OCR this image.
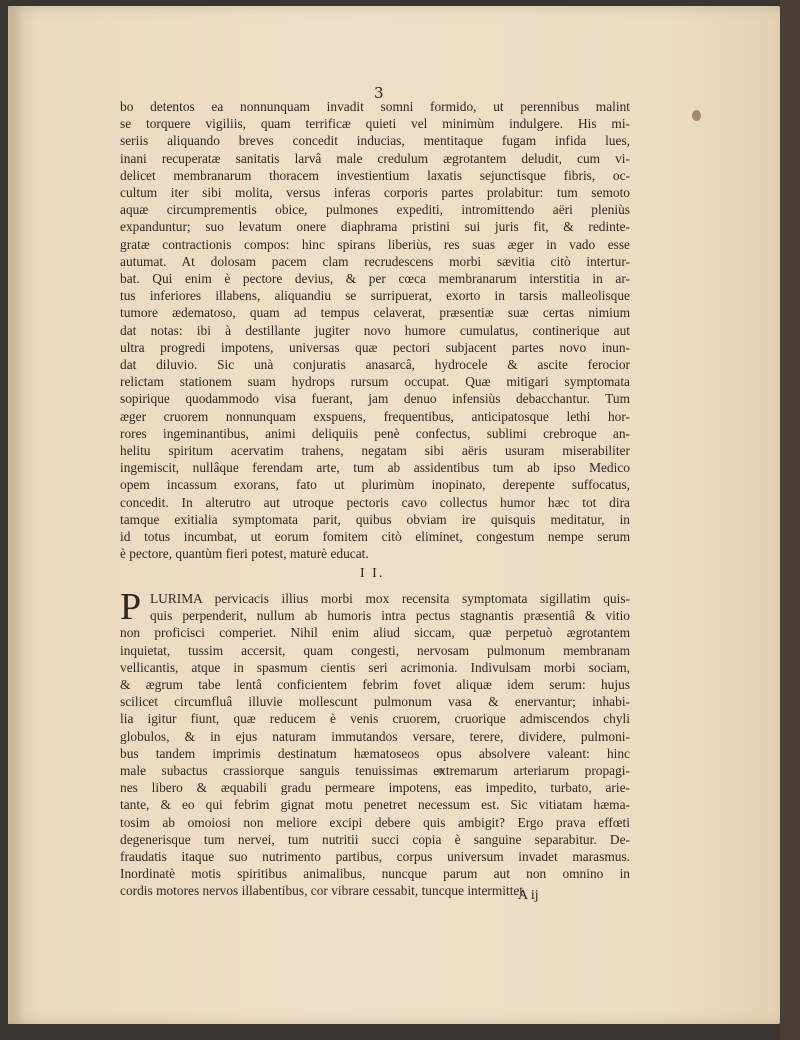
3
bo detentos ea nonnunquam invadit somni formido, ut perennibus malint
se torquere vigiliis, quam terrificæ quieti vel minimùm indulgere. His mi-
seriis aliquando breves concedit inducias, mentitaque fugam infida lues,
inani recuperatæ sanitatis larvâ male credulum ægrotantem deludit, cum vi-
delicet membranarum thoracem investientium laxatis sejunctisque fibris, oc-
cultum iter sibi molita, versus inferas corporis partes prolabitur: tum semoto
aquæ circumprementis obice, pulmones expediti, intromittendo aëri pleniùs
expanduntur; suo levatum onere diaphrama pristini sui juris fit, & redinte-
gratæ contractionis compos: hinc spirans liberiùs, res suas æger in vado esse
autumat. At dolosam pacem clam recrudescens morbi sævitia citò intertur-
bat. Qui enim è pectore devius, & per cœca membranarum interstitia in ar-
tus inferiores illabens, aliquandiu se surripuerat, exorto in tarsis malleolisque
tumore ædematoso, quam ad tempus celaverat, præsentiæ suæ certas nimium
dat notas: ibi à destillante jugiter novo humore cumulatus, continerique aut
ultra progredi impotens, universas quæ pectori subjacent partes novo inun-
dat diluvio. Sic unà conjuratis anasarcâ, hydrocele & ascite ferocior
relictam stationem suam hydrops rursum occupat. Quæ mitigari symptomata
sopirique quodammodo visa fuerant, jam denuo infensiùs debacchantur. Tum
æger cruorem nonnunquam exspuens, frequentibus, anticipatosque lethi hor-
rores ingeminantibus, animi deliquiis penè confectus, sublimi crebroque an-
helitu spiritum acervatim trahens, negatam sibi aëris usuram miserabiliter
ingemiscit, nullâque ferendam arte, tum ab assidentibus tum ab ipso Medico
opem incassum exorans, fato ut plurimùm inopinato, derepente suffocatus,
concedit. In alterutro aut utroque pectoris cavo collectus humor hæc tot dira
tamque exitialia symptomata parit, quibus obviam ire quisquis meditatur, in
id totus incumbat, ut eorum fomitem citò eliminet, congestum nempe serum
è pectore, quantùm fieri potest, maturè educat.
I I.
P LURIMA pervicacis illius morbi mox recensita symptomata sigillatim quis-
quis perpenderit, nullum ab humoris intra pectus stagnantis præsentiâ & vitio
non proficisci comperiet. Nihil enim aliud siccam, quæ perpetuò ægrotantem
inquietat, tussim accersit, quam congesti, nervosam pulmonum membranam
vellicantis, atque in spasmum cientis seri acrimonia. Indivulsam morbi sociam,
& ægrum tabe lentâ conficientem febrim fovet aliquæ idem serum: hujus
scilicet circumfluâ illuvie mollescunt pulmonum vasa & enervantur; inhabi-
lia igitur fiunt, quæ reducem è venis cruorem, cruorique admiscendos chyli
globulos, & in ejus naturam immutandos versare, terere, dividere, pulmoni-
bus tandem imprimis destinatum hæmatoseos opus absolvere valeant: hinc
male subactus crassiorque sanguis tenuissimas extremarum arteriarum propagi-
nes libero & æquabili gradu permeare impotens, eas impedito, turbato, arie-
tante, & eo qui febrim gignat motu penetret necessum est. Sic vitiatam hæma-
tosim ab omoiosi non meliore excipi debere quis ambigit? Ergo prava effœti
degenerisque tum nervei, tum nutritii succi copia è sanguine separabitur. De-
fraudatis itaque suo nutrimento partibus, corpus universum invadet marasmus.
Inordinatè motis spiritibus animalibus, nuncque parum aut non omnino in
cordis motores nervos illabentibus, cor vibrare cessabit, tuncque intermittet
A ij
